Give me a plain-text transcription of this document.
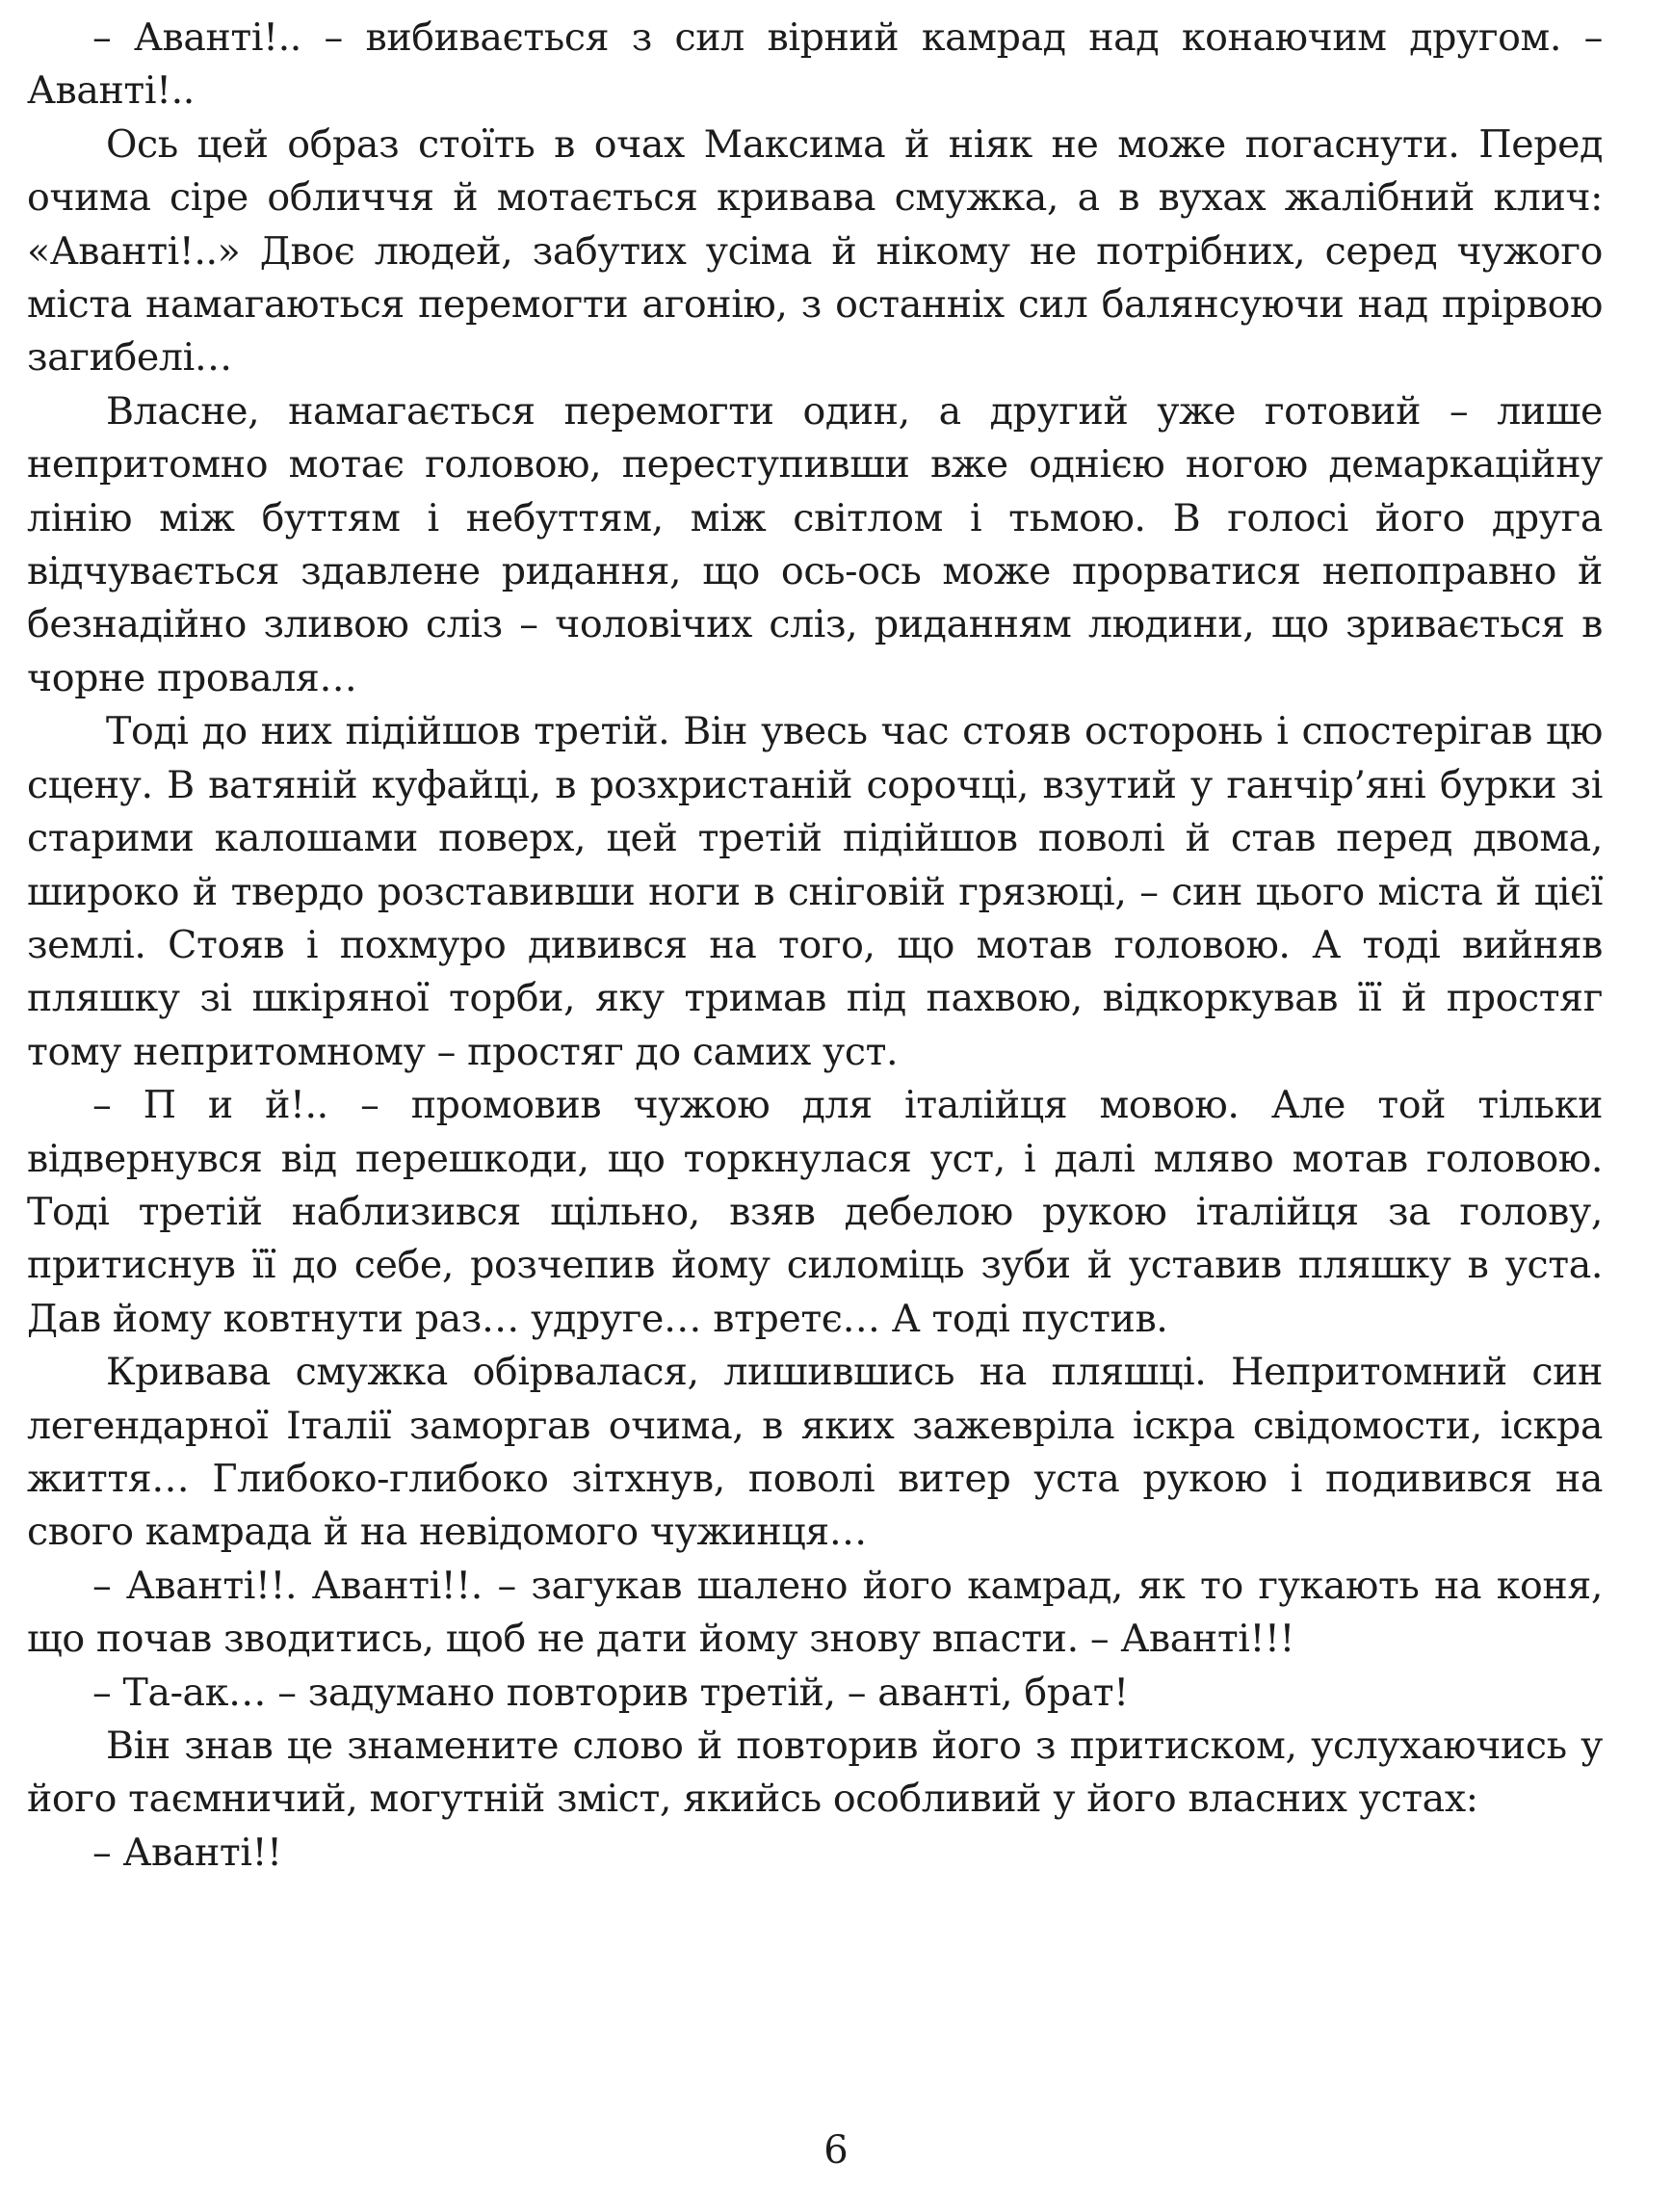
– Аванті!.. – вибивається з сил вірний камрад над конаючим другом. – Аванті!..

Ось цей образ стоїть в очах Максима й ніяк не може погаснути. Перед очима сіре обличчя й мотається кривава смужка, а в вухах жалібний клич: «Аванті!..» Двоє людей, забутих усіма й нікому не потрібних, серед чужого міста намагаються перемогти агонію, з останніх сил балянсуючи над прірвою загибелі…

Власне, намагається перемогти один, а другий уже готовий – лише непритомно мотає головою, переступивши вже однією ногою демаркаційну лінію між буттям і небуттям, між світлом і тьмою. В голосі його друга відчувається здавлене ридання, що ось-ось може прорватися непоправно й безнадійно зливою сліз – чоловічих сліз, риданням людини, що зривається в чорне проваля…

Тоді до них підійшов третій. Він увесь час стояв осторонь і спостерігав цю сцену. В ватяній куфайці, в розхристаній сорочці, взутий у ганчір’яні бурки зі старими калошами поверх, цей третій підійшов поволі й став перед двома, широко й твердо розставивши ноги в сніговій грязюці, – син цього міста й цієї землі. Стояв і похмуро дивився на того, що мотав головою. А тоді вийняв пляшку зі шкіряної торби, яку тримав під пахвою, відкоркував її й простяг тому непритомному – простяг до самих уст.

– П и й!.. – промовив чужою для італійця мовою. Але той тільки відвернувся від перешкоди, що торкнулася уст, і далі мляво мотав головою. Тоді третій наблизився щільно, взяв дебелою рукою італійця за голову, притиснув її до себе, розчепив йому силоміць зуби й уставив пляшку в уста. Дав йому ковтнути раз… удруге… втретє… А тоді пустив.

Кривава смужка обірвалася, лишившись на пляшці. Непритомний син легендарної Італії заморгав очима, в яких зажевріла іскра свідомости, іскра життя… Глибоко-глибоко зітхнув, поволі витер уста рукою і подивився на свого камрада й на невідомого чужинця…

– Аванті!!. Аванті!!. – загукав шалено його камрад, як то гукають на коня, що почав зводитись, щоб не дати йому знову впасти. – Аванті!!!

– Та-ак… – задумано повторив третій, – аванті, брат!

Він знав це знамените слово й повторив його з притиском, услухаючись у його таємничий, могутній зміст, якийсь особливий у його власних устах:

– Аванті!!

6
